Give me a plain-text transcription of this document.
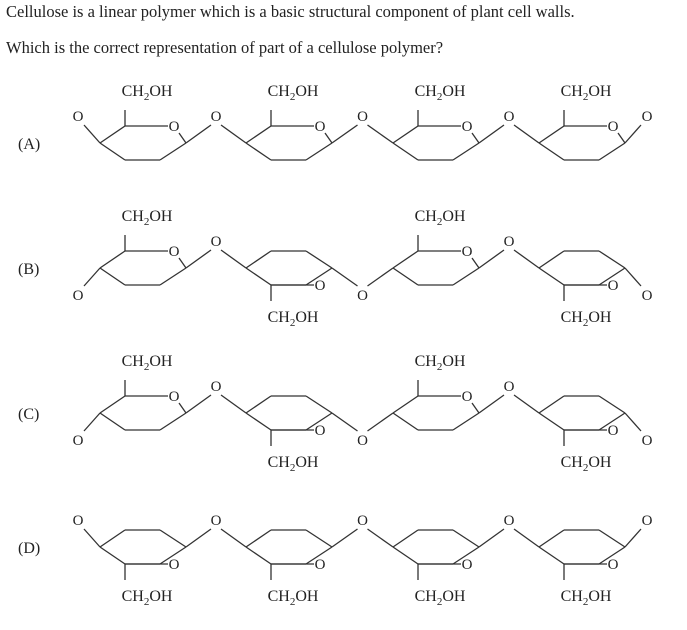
Cellulose is a linear polymer which is a basic structural component of plant cell walls.
Which is the correct representation of part of a cellulose polymer?
(A)
O
$CH_2OH$
O
$CH_2OH$
O
$CH_2OH$
O
$CH_2OH$
O	O	O	O	O
(B)
O
$CH_2OH$
O
$CH_2OH$
O
$CH_2OH$
O
$CH_2OH$
O
O
O
O
O
(C)
O
$CH_2OH$
O
$CH_2OH$
O
$CH_2OH$
O
$CH_2OH$
O
O
O
O
O
(D)
O
$CH_2OH$
O
$CH_2OH$
O
$CH_2OH$
O
$CH_2OH$
O	O	O	O	O
